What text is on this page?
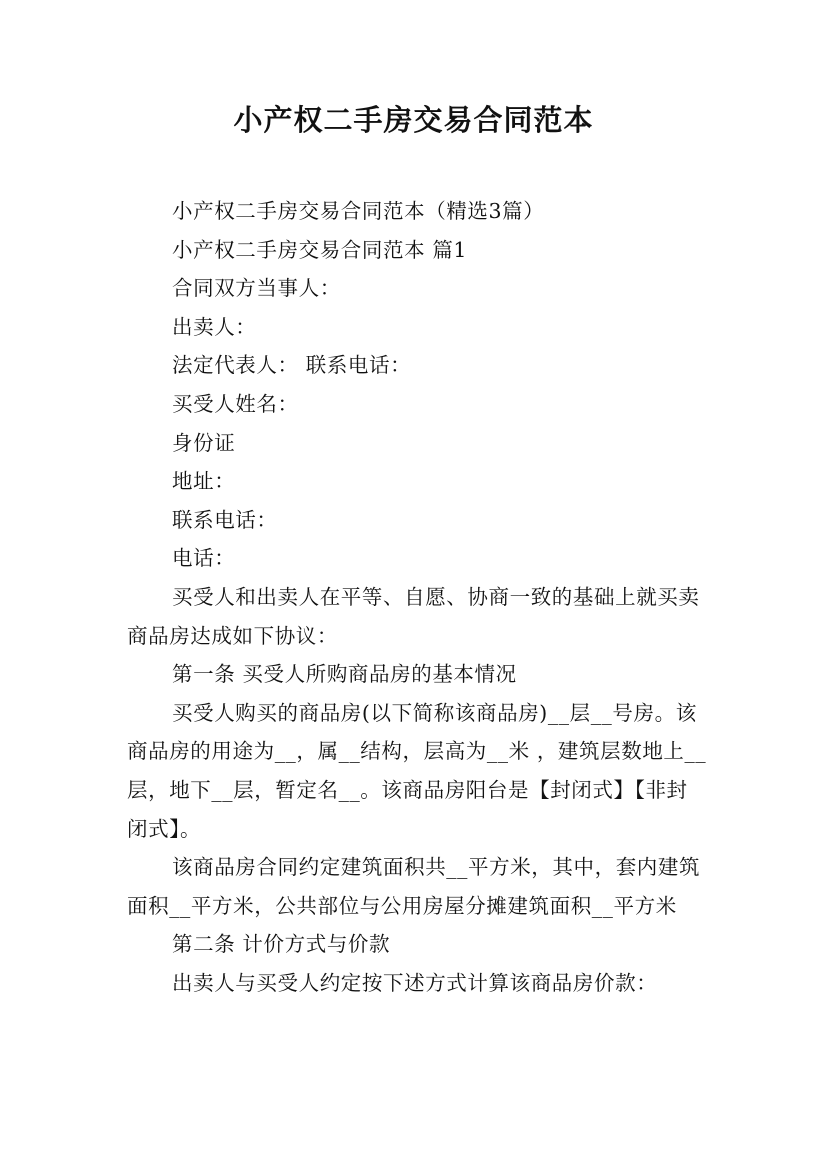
小产权二手房交易合同范本

小产权二手房交易合同范本（精选3篇）

小产权二手房交易合同范本 篇1

合同双方当事人：

出卖人：

法定代表人： 联系电话：

买受人姓名：

身份证

地址：

联系电话：

电话：

买受人和出卖人在平等、自愿、协商一致的基础上就买卖商品房达成如下协议：

第一条 买受人所购商品房的基本情况

买受人购买的商品房(以下简称该商品房)__层__号房。该商品房的用途为__，属__结构，层高为__米 ，建筑层数地上__层，地下__层，暂定名__。该商品房阳台是【封闭式】【非封闭式】。

该商品房合同约定建筑面积共__平方米，其中，套内建筑面积__平方米，公共部位与公用房屋分摊建筑面积__平方米

第二条 计价方式与价款

出卖人与买受人约定按下述方式计算该商品房价款：
